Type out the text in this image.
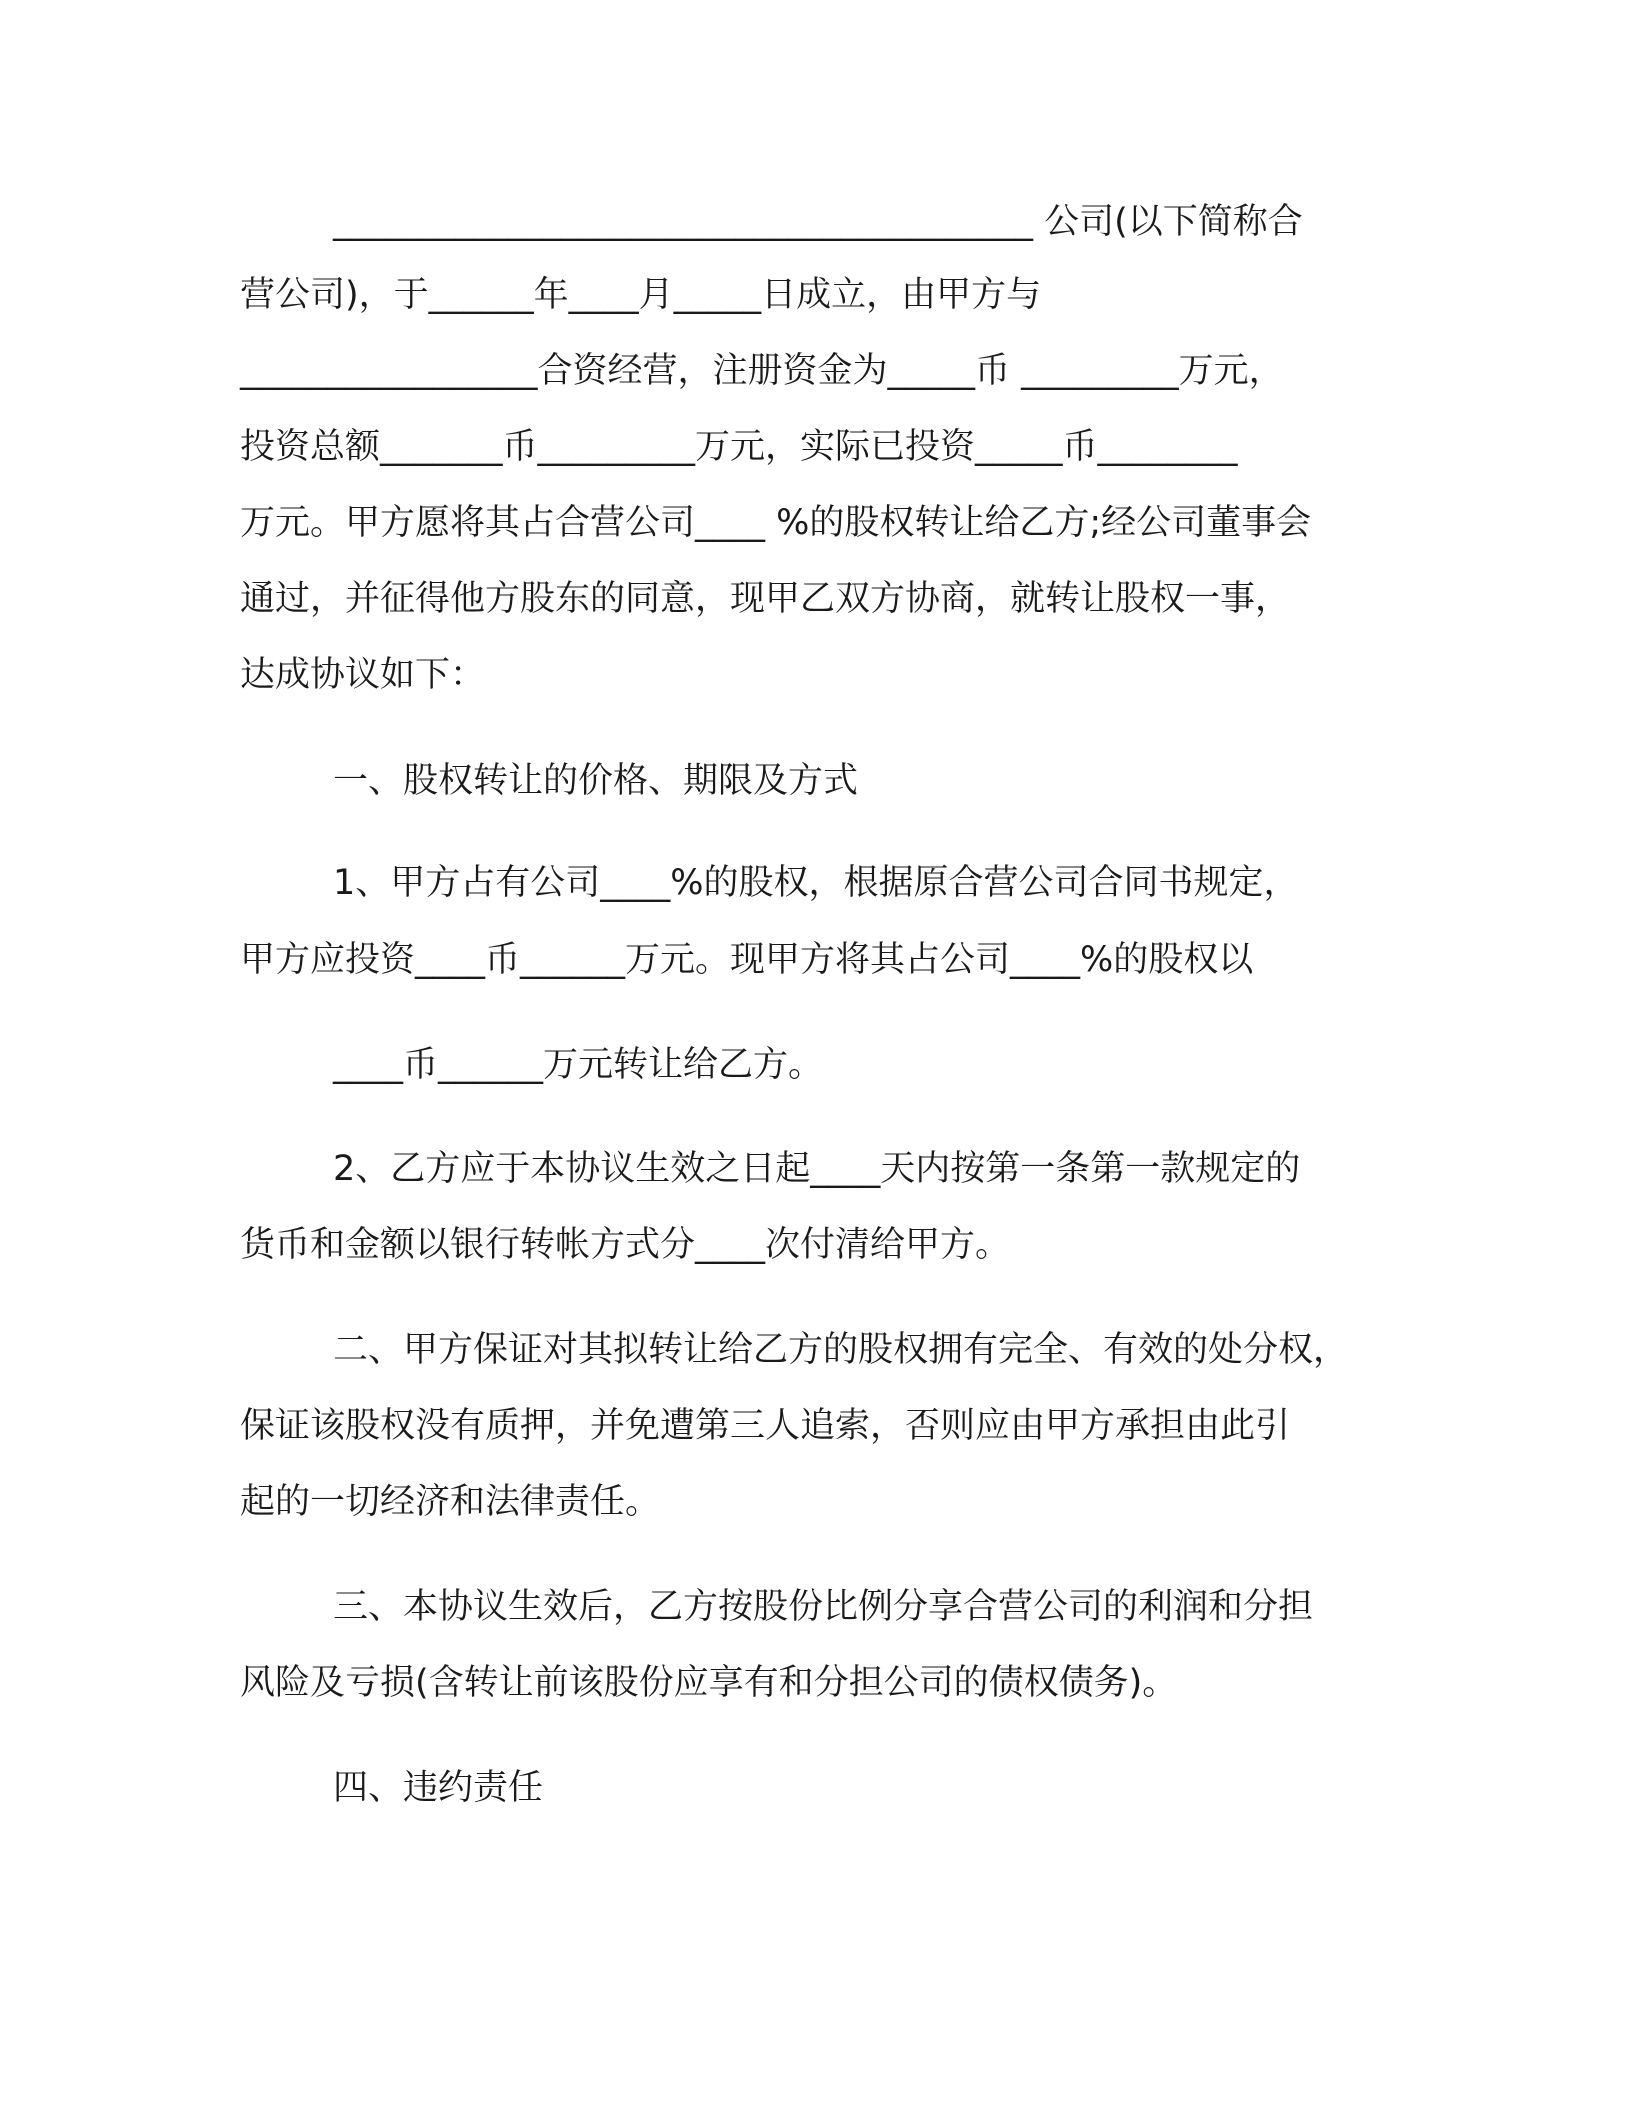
________________________________________ 公司(以下简称合

营公司)，于______年____月_____日成立，由甲方与

_________________合资经营，注册资金为_____币 _________万元，

投资总额_______币_________万元，实际已投资_____币________

万元。甲方愿将其占合营公司____ %的股权转让给乙方;经公司董事会

通过，并征得他方股东的同意，现甲乙双方协商，就转让股权一事，

达成协议如下：

一、股权转让的价格、期限及方式

1、甲方占有公司____%的股权，根据原合营公司合同书规定，

甲方应投资____币______万元。现甲方将其占公司____%的股权以

____币______万元转让给乙方。

2、乙方应于本协议生效之日起____天内按第一条第一款规定的

货币和金额以银行转帐方式分____次付清给甲方。

二、甲方保证对其拟转让给乙方的股权拥有完全、有效的处分权，

保证该股权没有质押，并免遭第三人追索，否则应由甲方承担由此引

起的一切经济和法律责任。

三、本协议生效后，乙方按股份比例分享合营公司的利润和分担

风险及亏损(含转让前该股份应享有和分担公司的债权债务)。

四、违约责任
